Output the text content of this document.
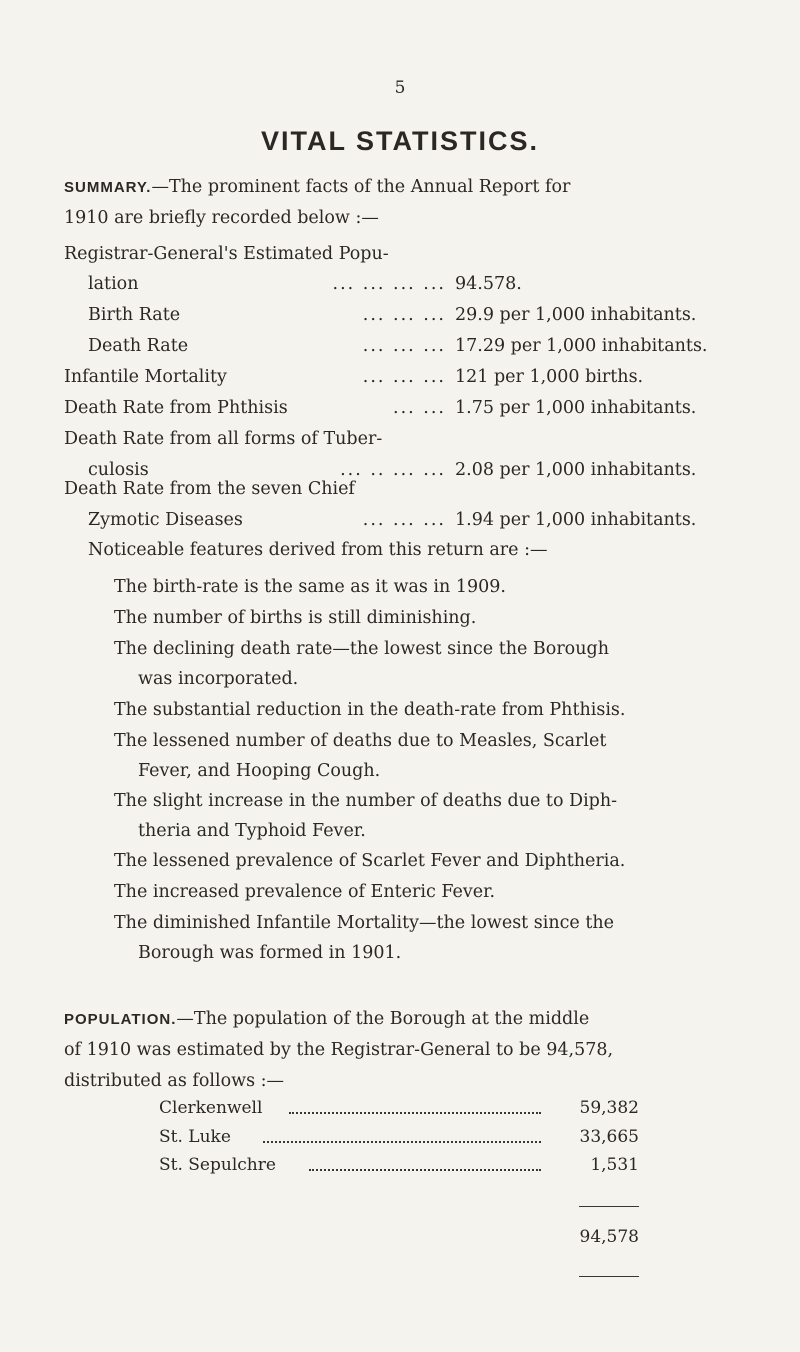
5
VITAL STATISTICS.
SUMMARY.—The prominent facts of the Annual Report for
1910 are briefly recorded below :—
Registrar-General's Estimated Popu-
lation	... ... ... ... 94.578.
Birth Rate	... ... ... 29.9 per 1,000 inhabitants.
Death Rate	... ... ... 17.29 per 1,000 inhabitants.
Infantile Mortality	... ... ... 121 per 1,000 births.
Death Rate from Phthisis	... ... 1.75 per 1,000 inhabitants.
Death Rate from all forms of Tuber-
culosis	... .. ... ... 2.08 per 1,000 inhabitants.
Death Rate from the seven Chief
Zymotic Diseases	... ... ... 1.94 per 1,000 inhabitants.
Noticeable features derived from this return are :—
The birth-rate is the same as it was in 1909.
The number of births is still diminishing.
The declining death rate—the lowest since the Borough
was incorporated.
The substantial reduction in the death-rate from Phthisis.
The lessened number of deaths due to Measles, Scarlet
Fever, and Hooping Cough.
The slight increase in the number of deaths due to Diph-
theria and Typhoid Fever.
The lessened prevalence of Scarlet Fever and Diphtheria.
The increased prevalence of Enteric Fever.
The diminished Infantile Mortality—the lowest since the
Borough was formed in 1901.
POPULATION.—The population of the Borough at the middle
of 1910 was estimated by the Registrar-General to be 94,578,
distributed as follows :—
Clerkenwell	59,382
St. Luke	33,665
St. Sepulchre	1,531
94,578
